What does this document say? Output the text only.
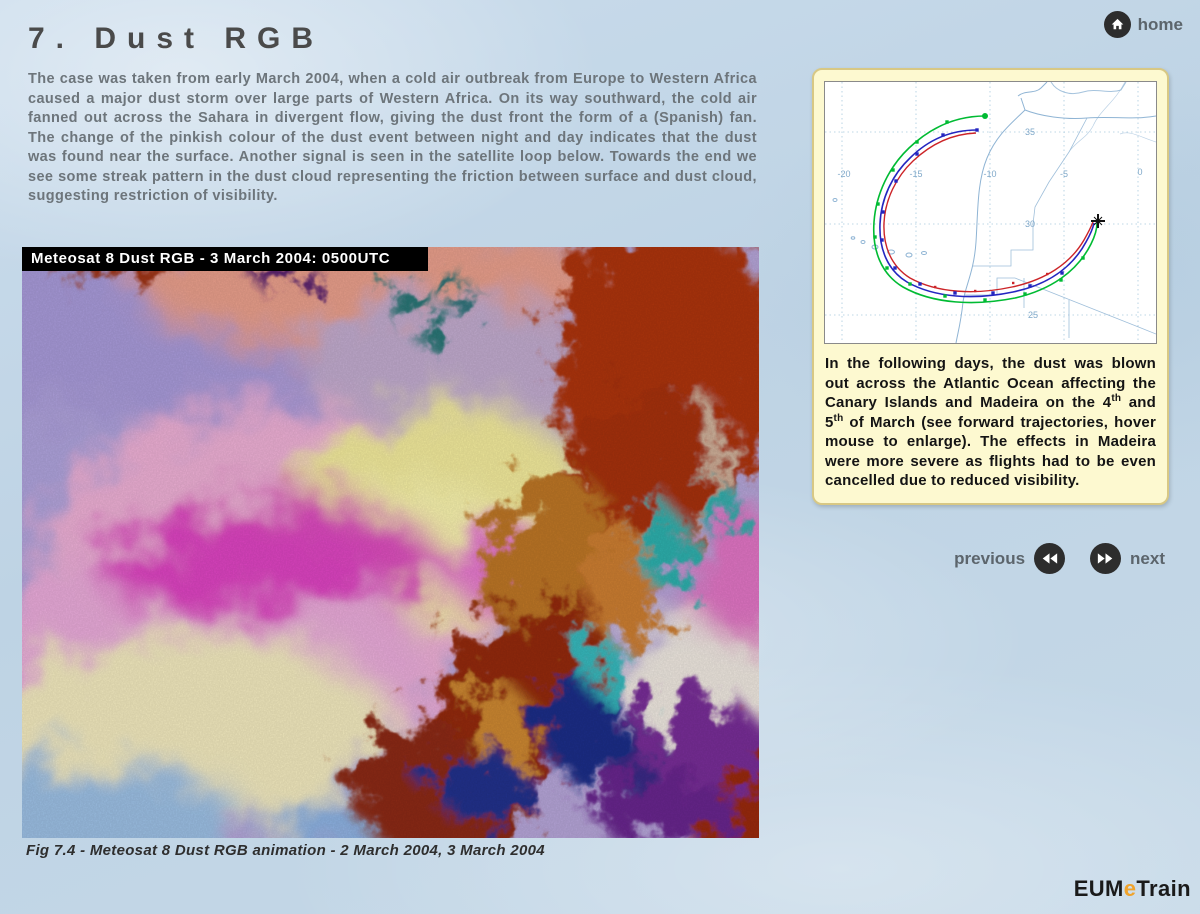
7. Dust RGB	home
The case was taken from early March 2004, when a cold air outbreak from Europe to Western Africa caused a major dust storm over large parts of Western Africa. On its way southward, the cold air fanned out across the Sahara in divergent flow, giving the dust front the form of a (Spanish) fan. The change of the pinkish colour of the dust event between night and day indicates that the dust was found near the surface. Another signal is seen in the satellite loop below. Towards the end we see some streak pattern in the dust cloud representing the friction between surface and dust cloud, suggesting restriction of visibility.
Meteosat 8 Dust RGB - 3 March 2004: 0500UTC
Fig 7.4 - Meteosat 8 Dust RGB animation - 2 March 2004, 3 March 2004
-20	-15	-10	-5	0
35
30
25

In the following days, the dust was blown out across the Atlantic Ocean affecting the Canary Islands and Madeira on the 4th and 5th of March (see forward trajectories, hover mouse to enlarge). The effects in Madeira were more severe as flights had to be even cancelled due to reduced visibility.

previous	next
EUMeTrain
